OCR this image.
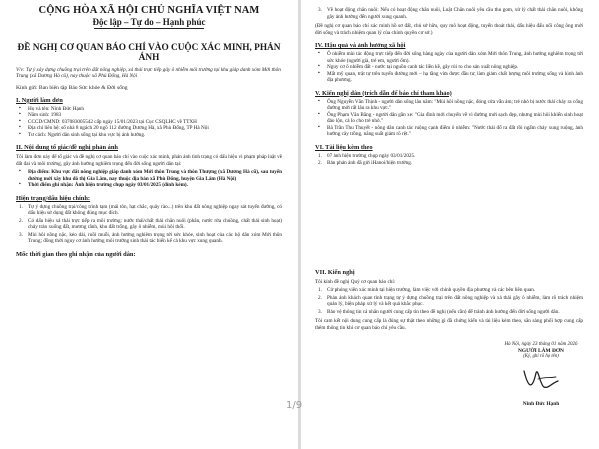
CỘNG HÒA XÃ HỘI CHỦ NGHĨA VIỆT NAM
Độc lập – Tự do – Hạnh phúc
ĐỀ NGHỊ CƠ QUAN BÁO CHÍ VÀO CUỘC XÁC MINH, PHẢN ÁNH
V/v: Tự ý xây dựng chuồng trại trên đất nông nghiệp, xả thải trực tiếp gây ô nhiễm môi trường tại khu giáp danh xóm Mới thôn Trung (xã Dương Hà cũ), nay thuộc xã Phù Đổng, Hà Nội
Kính gửi: Ban biên tập Báo Sức khỏe & Đời sống
I. Người làm đơn
▪ Họ và tên: Ninh Đức Hạnh
▪ Năm sinh: 1983
▪ CCCD/CMND: 037083005542 cấp ngày 15/01/2023 tại Cục CSQLHC về TTXH
▪ Địa chỉ liên hệ: số nhà 8 ngách 20 ngõ 112 đường Dương Hà, xã Phù Đổng, TP Hà Nội
▪ Tư cách: Người dân sinh sống tại khu vực bị ảnh hưởng.
II. Nội dung tố giác/đề nghị phản ánh
Tôi làm đơn này để tố giác và đề nghị cơ quan báo chí vào cuộc xác minh, phản ánh tình trạng có dấu hiệu vi phạm pháp luật về đất đai và môi trường, gây ảnh hưởng nghiêm trọng đến đời sống người dân tại:
▪ Địa điểm: Khu vực đất nông nghiệp giáp danh xóm Mới thôn Trung và thôn Thượng (xã Dương Hà cũ), sau tuyến đường mới xây khu đô thị Gia Lâm, nay thuộc địa bàn xã Phù Đổng, huyện Gia Lâm (Hà Nội)
▪ Thời điểm ghi nhận: Ảnh hiện trường chụp ngày 03/01/2025 (đính kèm).
Hiện trạng/dấu hiệu chính:
1. Tự ý dựng chuồng trại/công trình tạm (mái tôn, hạt chắc, quây rào...) trên khu đất nông nghiệp ngay sát tuyến đường, có dấu hiệu sử dụng đất không đúng mục đích.
2. Có dấu hiệu xả thải trực tiếp ra môi trường: nước thải/chất thải chăn nuôi (phân, nước rửa chuồng, chất thải sinh hoạt) chảy tràn xuống đất, mương rãnh, khu đất trống, gây ô nhiễm, mùi hôi thối.
3. Mùi hôi nồng nặc, kéo dài, ruồi muỗi, ảnh hưởng nghiêm trọng tới sức khỏe, sinh hoạt của các hộ dân xóm Mới thôn Trung; đồng thời nguy cơ ảnh hưởng môi trường sinh thái tác biến kể cả khu vực xung quanh.
Mốc thời gian theo ghi nhận của người dân:
3. Về hoạt động chăn nuôi: Nếu có hoạt động chăn nuôi, Luật Chăn nuôi yêu cầu thu gom, xử lý chất thải chăn nuôi, không gây ảnh hưởng đến người xung quanh.
(Đề nghị cơ quan báo chí xác minh hồ sơ đất, chủ sở hữu, quy mô hoạt động, tuyến thoát thải, dấu hiệu đấu nối công ông mới đời sống và trách nhiệm quan lý của chính quyền cơ sở.)
IV. Hậu quả và ảnh hưởng xã hội
▪ Ô nhiễm mùi tác động trực tiếp đến đời sống hàng ngày của người dân xóm Mới thôn Trung, ảnh hưởng nghiêm trọng tới sức khỏe (người già, trẻ em, người ốm).
▪ Nguy cơ ô nhiễm đất - nước tại nguồn canh tác liền kề, gây rủi ro cho sản xuất nông nghiệp.
▪ Mất mỹ quan, trật tự trên tuyến đường mới – hạ tầng vừa được đầu tư, làm giảm chất lượng môi trường sống và hình ảnh địa phương.
V. Kiến nghị dân (trích dẫn để báo chí tham khảo)
▪ Ông Nguyễn Văn Thịnh - người dân sống lâu năm: "Mùi hôi nồng nặc, đóng cửa vẫn ám; trẻ nhỏ bị nước thải chảy ra cống đường mới rất lâu ra khu vực."
▪ Ông Phạm Văn Bằng - người dân gần xe: "Gia đình mới chuyển về vì đường mới sạch đẹp, nhưng mùi hôi khiến sinh hoạt đảo lộn, cả lo cho trẻ nhỏ."
▪ Bà Trần Thu Thuyết - nông dân canh tác ruộng cạnh điểm ô nhiễm: "Nước thải đổ ra đất rồi ngấm chảy xung ruộng, ảnh hưởng cây trồng, năng suất giảm rõ rệt."
VI. Tài liệu kèm theo
1. 07 ảnh hiện trường chụp ngày 03/01/2025.
2. Bản phản ánh đã gửi iHanoi/hiện trường.
VII. Kiến nghị
Tôi kính đề nghị Quý cơ quan báo chí:
1. Cử phóng viên xác minh tại hiện trường, làm việc với chính quyền địa phương và các bên liên quan.
2. Phản ánh khách quan tình trạng tự ý dựng chuồng trại trên đất nông nghiệp và xả thải gây ô nhiễm, làm rõ trách nhiệm quản lý, biện pháp xử lý và kết quả khắc phục.
3. Bảo vệ thông tin cá nhân người cung cấp tin theo đề nghị (nếu cần) để tránh ảnh hưởng đến đời sống người dân.
Tôi cam kết nội dung cung cấp là đúng sự thật theo những gì đã chứng kiến và tài liệu kèm theo, sẵn sàng phối hợp cung cấp thêm thông tin khi cơ quan báo chí yêu cầu.
Hà Nội, ngày 23 tháng 01 năm 2026
NGƯỜI LÀM ĐƠN
(Ký, ghi rõ họ tên)
Ninh Đức Hạnh
1/9
